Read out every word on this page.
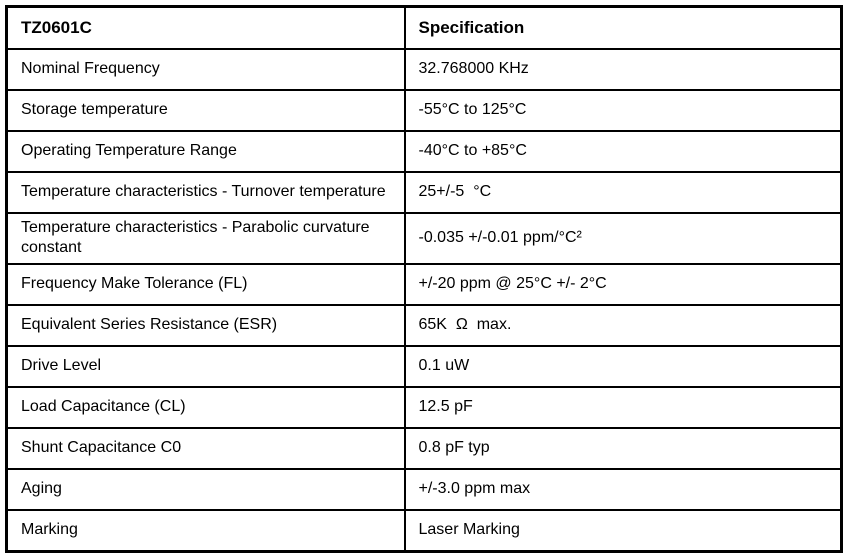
TZ0601C	Specification
Nominal Frequency	32.768000 KHz
Storage temperature	-55°C to 125°C
Operating Temperature Range	-40°C to +85°C
Temperature characteristics - Turnover temperature	25+/-5  °C
Temperature characteristics - Parabolic curvature constant	-0.035 +/-0.01 ppm/°C²
Frequency Make Tolerance (FL)	+/-20 ppm @ 25°C +/- 2°C
Equivalent Series Resistance (ESR)	65K  Ω  max.
Drive Level	0.1 uW
Load Capacitance (CL)	12.5 pF
Shunt Capacitance C0	0.8 pF typ
Aging	+/-3.0 ppm max
Marking	Laser Marking
